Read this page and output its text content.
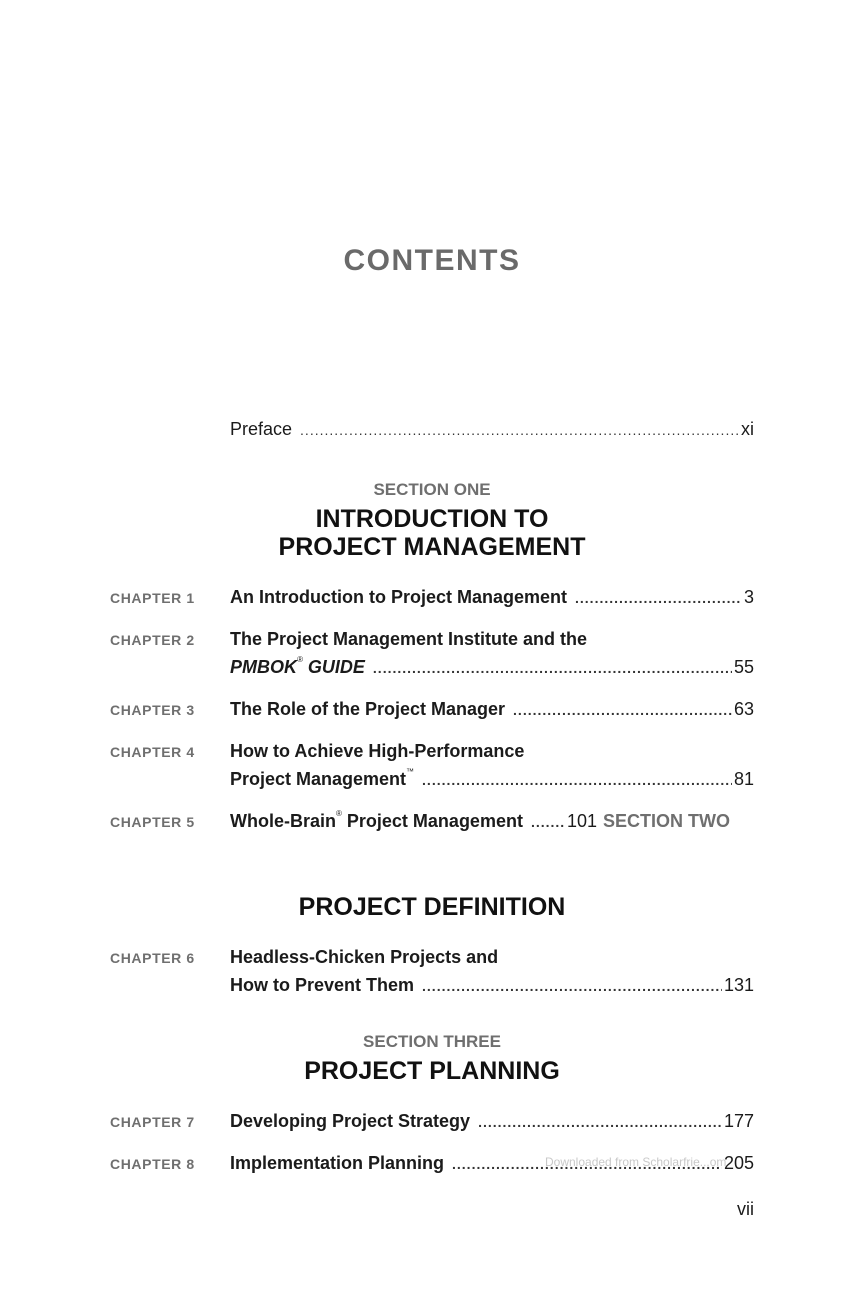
CONTENTS
Preface .....	xi
SECTION ONE
INTRODUCTION TO
PROJECT MANAGEMENT
CHAPTER 1 An Introduction to Project Management .....	3
CHAPTER 2 The Project Management Institute and the
PMBOK® GUIDE .....	55
CHAPTER 3 The Role of the Project Manager .....	63
CHAPTER 4 How to Achieve High-Performance
Project Management™ .....	81
CHAPTER 5 Whole-Brain® Project Management ..... 101 SECTION TWO
PROJECT DEFINITION
CHAPTER 6 Headless-Chicken Projects and
How to Prevent Them .....	131
SECTION THREE
PROJECT PLANNING
CHAPTER 7 Developing Project Strategy .....	177
CHAPTER 8 Implementation Planning .....	205
Downloaded from Scholarfrie...om
vii
